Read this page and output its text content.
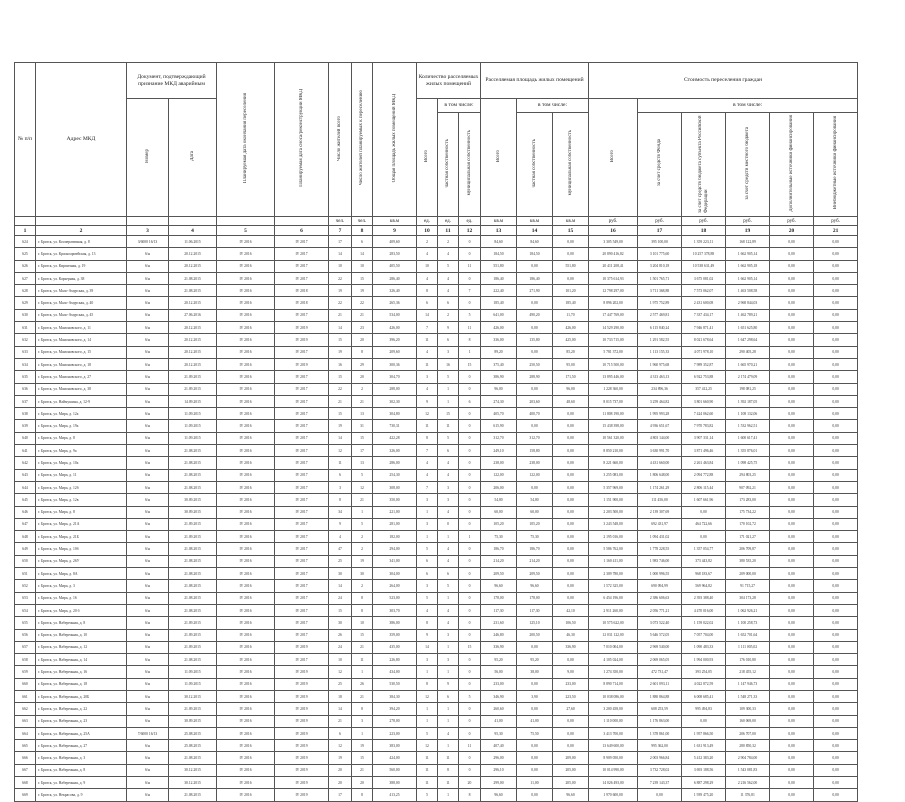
№ п/п	Адрес МКД	Документ, подтверждающий признание МКД аварийным		Планируемая дата окончания переселения	Планируемая дата сноса/реконструкции МКД	Число жителей всего	Число жителей планируемых к переселению	Общая площадь жилых помещений МКД	Количество расселяемых жилых помещений			Расселяемая площадь жилых помещений			Стоимость переселения граждан					
		Номер	Дата						Всего	в том числе:		Всего	в том числе:		Всего	в том числе:				
										частная собственность	муниципальная собственность		частная собственность	муниципальная собственность		за счет средств Фонда	за счет средств бюджета субъекта Российской Федерации	за счет средств местного бюджета	Дополнительные источники финансирования	Внебюджетные источники финансирования
						чел.	чел.	кв.м	ед.	ед.	ед.	кв.м	кв.м	кв.м	руб.	руб.	руб.	руб.	руб.	руб.
1	2	3	4	5	6	7	8	9	10	11	12	13	14	15	16	17	18	19	20	21
624	г. Братск, ул. Кооперативная, д. 8	3/6000 16/13	11.06.2015	IV 2016	IV 2017	17	6	409,60	2	2	0	84,60	84,60	0,00	3 305 549,00	395 100,00	1 359 223,11	168 122,89	0,00	0,00
625	г. Братск, ул. Красноармейская, д. 13	6/н	20.12.2015	IV 2016	IV 2017	14	14	283,50	4	4	0	184,50	184,50	0,00	20 890 416,82	3 101 775,60	10 257 378,88	1 662 905,14	0,00	0,00
626	г. Братск, ул. Кирпичная, д. 19	6/н	20.12.2015	IV 2016	IV 2017	10	10	405,50	10	5	11	551,80	0,00	551,80	20 411 208,41	3 204 810,18	10 538 631,49	1 662 905,18	0,00	0,00
627	г. Братск, ул. Карьерная, д. 38	6/н	21.08.2015	IV 2016	IV 2017	22	15	286,40	4	4	0	186,40	186,40	0,00	10 375 614,93	1 501 765,71	3 675 081,02	1 662 905,14	0,00	0,00
628	г. Братск, ул. Мало-Амурская, д. 39	6/н	21.08.2015	IV 2016	IV 2018	19	19	326,40	8	4	7	222,40	271,90	101,20	12 798 297,00	3 711 368,88	7 573 062,07	1 463 508,58	0,00	0,00
629	г. Братск, ул. Мало-Амурская, д. 40	6/н	20.12.2015	IV 2016	IV 2018	22	22	265,36	6	6	0	185,40	0,00	185,40	8 896 202,00	1 975 752,89	2 431 600,08	2 968 844,03	0,00	0,00
630	г. Братск, ул. Мало-Амурская, д. 45	6/н	27.06.2016	IV 2016	IV 2017	21	21	534,00	14	2	5	641,00	490,20	11,70	17 447 769,00	2 577 469,81	7 337 434,17	1 462 789,21	0,00	0,00
631	г. Братск, ул. Мамоновского, д. 11	6/н	20.12.2015	IV 2016	IV 2019	14	23	426,00	7	9	11	426,00	0,00	426,00	14 529 290,00	6 115 840,24	7 946 871,41	1 651 625,80	0,00	0,00
632	г. Братск, ул. Мамоновского, д. 14	6/н	20.12.2015	IV 2016	IV 2019	15	20	396,20	11	6	8	336,00	135,80	425,00	10 733 715,00	1 291 582,55	8 021 678,64	1 647 298,64	0,00	0,00
633	г. Братск, ул. Мамоновского, д. 15	6/н	20.12.2015	IV 2016	IV 2017	19	8	209,60	4	3	1	89,20	0,00	85,20	5 781 372,00	1 113 155,33	4 071 978,10	290 405,28	0,00	0,00
634	г. Братск, ул. Мамоновского, д. 18	6/н	20.12.2015	IV 2016	IV 2019	16	29	300,36	11	16	15	375,40	250,50	95,00	10 715 500,00	1 960 975,68	7 989 352,87	1 665 970,21	0,00	0,00
635	г. Братск, ул. Мамоновского, д. 27	6/н	21.09.2015	IV 2016	IV 2017	15	20	304,70	3	5	0	386,90	288,90	171,50	13 895 446,00	4 313 463,13	6 922 753,88	2 174 479,09	0,00	0,00
636	г. Братск, ул. Мамоновского, д. 38	6/н	21.09.2015	IV 2016	IV 2017	22	2	288,00	4	1	0	96,00	0,00	96,00	1 228 360,00	234 896,36	357 412,25	198 081,25	0,00	0,00
637	г. Братск, ул. Наймушина, д. 12-9	6/н	14.09.2015	IV 2016	IV 2017	21	21	302,30	9	1	6	274,30	203,60	48,60	8 015 737,00	3 259 464,82	3 801 660,90	1 392 187,05	0,00	0,00
638	г. Братск, ул. Мира, д. 12а	6/н	11.09.2015	IV 2016	IV 2017	15	13	304,80	12	15	0	405,70	400,70	0,00	11 808 190,00	1 995 993,28	7 424 062,60	1 108 132,06	0,00	0,00
639	г. Братск, ул. Мира, д. 19а	6/н	11.09.2015	IV 2016	IV 2017	19	31	730,31	11	11	0	615,90	0,00	0,00	15 438 398,00	4 936 651,67	7 970 783,82	1 532 962,51	0,00	0,00
640	г. Братск, ул. Мира, д. 8	6/н	11.09.2015	IV 2016	IV 2017	14	15	422,28	8	5	0	312,70	312,70	0,00	10 561 320,00	4 803 144,00	3 907 331,14	1 600 617,41	0,00	0,00
641	г. Братск, ул. Мира, д. 9а	6/н	21.08.2015	IV 2016	IV 2017	12	17	326,00	7	6	0	249,10	158,80	0,00	8 850 210,00	3 630 991,70	3 871 496,46	1 355 876,01	0,00	0,00
642	г. Братск, ул. Мира, д. 10а	6/н	21.08.2015	IV 2016	IV 2017	11	13	286,00	4	4	0	238,00	238,00	0,00	8 221 660,00	4 431 660,00	2 261 463,84	1 098 425,75	0,00	0,00
643	г. Братск, ул. Мира, д. 11	6/н	21.08.2015	IV 2016	IV 2017	6	5	254,30	4	4	0	122,00	122,00	0,00	3 255 083,00	1 806 648,00	2 094 772,88	294 803,25	0,00	0,00
644	г. Братск, ул. Мира, д. 12б	6/н	21.08.2015	IV 2016	IV 2017	3	12	308,00	7	3	0	206,00	0,00	0,00	5 357 969,00	1 174 261,29	2 806 115,44	907 092,21	0,00	0,00
645	г. Братск, ул. Мира, д. 12в	6/н	30.09.2015	IV 2016	IV 2017	8	21	350,00	3	3	0	54,80	54,80	0,00	1 151 900,00	111 456,00	1 607 661,96	173 283,00	0,00	0,00
646	г. Братск, ул. Мира, д. 8	6/н	30.09.2015	IV 2016	IV 2017	34	1	221,00	1	4	0	60,00	60,00	0,00	2 203 500,00	2 139 307,69	0,00	175 734,22	0,00	0,00
647	г. Братск, ул. Мира, д. 21А	6/н	21.09.2015	IV 2016	IV 2017	9	5	281,00	3	0	0	105,20	105,20	0,00	3 243 548,00	692 431,97	464 722,66	170 102,72	0,00	0,00
648	г. Братск, ул. Мира, д. 21Б	6/н	21.09.2015	IV 2016	IV 2017	4	2	182,00	1	1	1	75,30	75,30	0,00	2 195 016,00	1 094 431,02	0,00	171 021,27	0,00	0,00
649	г. Братск, ул. Мира, д. 10б	6/н	21.08.2015	IV 2016	IV 2017	47	2	294,00	5	4	0	186,70	186,70	0,00	5 586 762,00	1 778 228,55	1 357 054,77	206 709,87	0,00	0,00
650	г. Братск, ул. Мира, д. 26У	6/н	21.08.2015	IV 2016	IV 2017	25	19	341,00	6	4	0	214,20	214,20	0,00	1 160 411,00	1 983 746,00	373 443,82	380 535,20	0,00	0,00
651	г. Братск, ул. Мира, д. 8А	6/н	21.08.2015	IV 2016	IV 2017	30	30	304,00	6	6	0	209,50	209,50	0,00	2 309 780,00	1 000 996,55	968 183,67	209 000,00	0,00	0,00
652	г. Братск, ул. Мира, д. 3	6/н	21.08.2015	IV 2016	IV 2017	14	2	264,00	3	5	0	96,60	96,60	0,00	1 572 325,00	690 094,99	569 964,82	91 715,27	0,00	0,00
653	г. Братск, ул. Мира, д. 16	6/н	21.08.2015	IV 2016	IV 2017	24	8	523,00	5	1	0	178,00	178,00	0,00	6 454 196,00	2 386 606,63	2 393 388,40	304 173,28	0,00	0,00
654	г. Братск, ул. Мира, д. 20 б	6/н	21.08.2015	IV 2016	IV 2017	15	8	303,70	4	4	0	117,30	117,30	42,10	2 911 260,00	2 056 771,21	4 470 016,00	1 062 926,21	0,00	0,00
655	г. Братск, ул. Набережная, д. 8	6/н	21.09.2015	IV 2016	IV 2017	30	10	386,00	8	4	0	231,60	125,10	106,50	10 575 622,00	3 073 522,40	1 159 022,02	1 100 258,73	0,00	0,00
656	г. Братск, ул. Набережная, д. 10	6/н	21.09.2015	IV 2016	IV 2017	26	15	359,00	9	3	0	246,80	200,50	46,30	12 031 122,00	5 646 572,05	7 057 704,00	1 652 701,64	0,00	0,00
657	г. Братск, ул. Набережная, д. 12	6/н	21.09.2015	IV 2016	IV 2019	24	21	435,00	14	1	15	336,90	0,00	336,90	7 010 004,00	2 969 540,00	1 090 483,33	1 111 005,02	0,00	0,00
658	г. Братск, ул. Набережная, д. 14	6/н	21.08.2015	IV 2016	IV 2017	10	11	226,80	3	3	0	95,20	95,20	0,00	4 105 024,00	2 069 065,05	1 994 000,93	176 010,80	0,00	0,00
659	г. Братск, ул. Набережная, д. 16	6/н	11.09.2015	IV 2016	IV 2019	12	1	434,00	1	1	0	56,00	38,00	9,00	1 274 350,00	472 731,47	393 254,05	218 455,12	0,00	0,00
660	г. Братск, ул. Набережная, д. 18	6/н	11.09.2015	IV 2016	IV 2019	25	26	530,50	8	9	0	233,00	0,00	233,00	8 890 714,00	2 601 093,11	4 022 872,59	1 147 946,73	0,00	0,00
661	г. Братск, ул. Набережная, д. 20Б	6/н	30.12.2015	IV 2016	IV 2019	18	21	384,30	12	6	5	346,90	3,90	223,50	10 038 086,00	1 880 864,88	6 008 685,41	1 548 271,33	0,00	0,00
662	г. Братск, ул. Набережная, д. 22	6/н	21.09.2015	IV 2016	IV 2019	14	8	394,20	1	1	0	260,60	0,00	27,60	3 200 458,00	608 253,59	995 494,83	109 300,33	0,00	0,00
663	г. Братск, ул. Набережная, д. 23	6/н	30.09.2015	IV 2016	IV 2019	21	3	278,00	1	1	0	41,00	41,00	0,00	1 110 000,00	1 176 863,00	0,00	160 069,00	0,00	0,00
664	г. Братск, ул. Набережная, д. 25А	7/6000 16/13	25.08.2015	IV 2016	IV 2019	6	1	223,00	5	4	0	95,30	75,50	0,00	3 413 700,00	1 378 861,00	1 957 866,50	206 707,00	0,00	0,00
665	г. Братск, ул. Набережная, д. 27	6/н	25.08.2015	IV 2016	IV 2019	12	19	383,00	12	1	11	407,40	0,00	0,00	13 649 600,00	995 362,00	1 631 913,49	280 850,32	0,00	0,00
666	г. Братск, ул. Набережная, д. 3	6/н	21.08.2015	IV 2016	IV 2019	19	15	424,00	11	11	0	296,00	0,00	209,00	8 909 050,00	2 003 966,84	5 412 383,20	2 904 784,00	0,00	0,00
667	г. Братск, ул. Набережная, д. 8	6/н	30.12.2015	IV 2016	IV 2019	20	21	560,00	11	8	0	296,10	0,00	205,00	10 014 990,00	3 732 728,02	3 693 188,56	1 543 081,83	0,00	0,00
668	г. Братск, ул. Набережная, д. 9	6/н	30.12.2015	IV 2016	IV 2019	20	20	388,00	11	11	20	299,00	11,00	205,00	14 026 493,00	7 239 143,37	6 887 298,29	2 216 562,00	0,00	0,00
669	г. Братск, ул. Некрасова, д. 9	6/н	21.08.2015	IV 2016	IV 2019	17	8	413,25	5	1	8	96,60	0,00	96,60	1 970 600,00	0,00	1 939 475,20	11 376,81	0,00	0,00
